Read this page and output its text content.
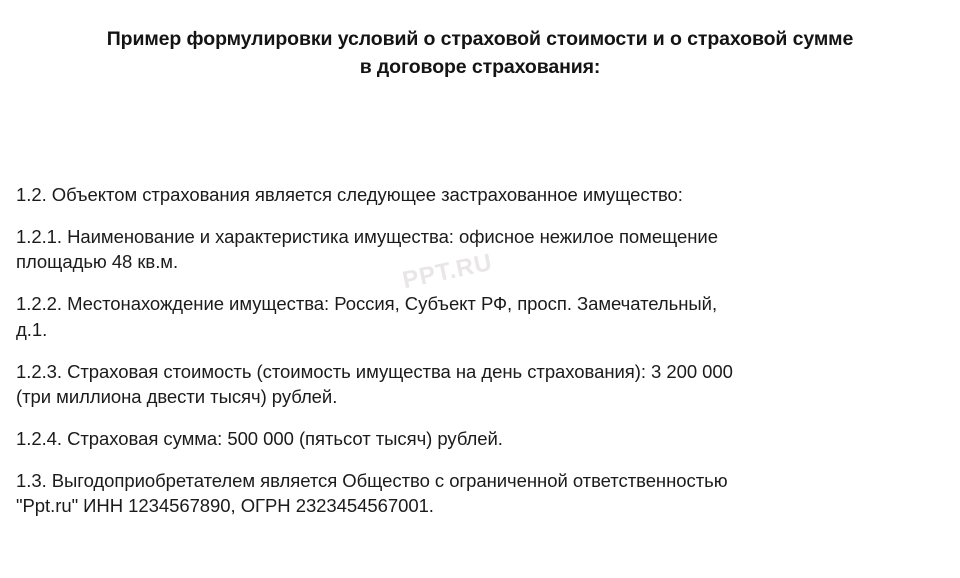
Пример формулировки условий о страховой стоимости и о страховой сумме
в договоре страхования:
PPT.RU

1.2. Объектом страхования является следующее застрахованное имущество:

1.2.1. Наименование и характеристика имущества: офисное нежилое помещение
площадью 48 кв.м.

1.2.2. Местонахождение имущества: Россия, Субъект РФ, просп. Замечательный,
д.1.

1.2.3. Страховая стоимость (стоимость имущества на день страхования): 3 200 000
(три миллиона двести тысяч) рублей.

1.2.4. Страховая сумма: 500 000 (пятьсот тысяч) рублей.

1.3. Выгодоприобретателем является Общество с ограниченной ответственностью
"Ppt.ru" ИНН 1234567890, ОГРН 2323454567001.
